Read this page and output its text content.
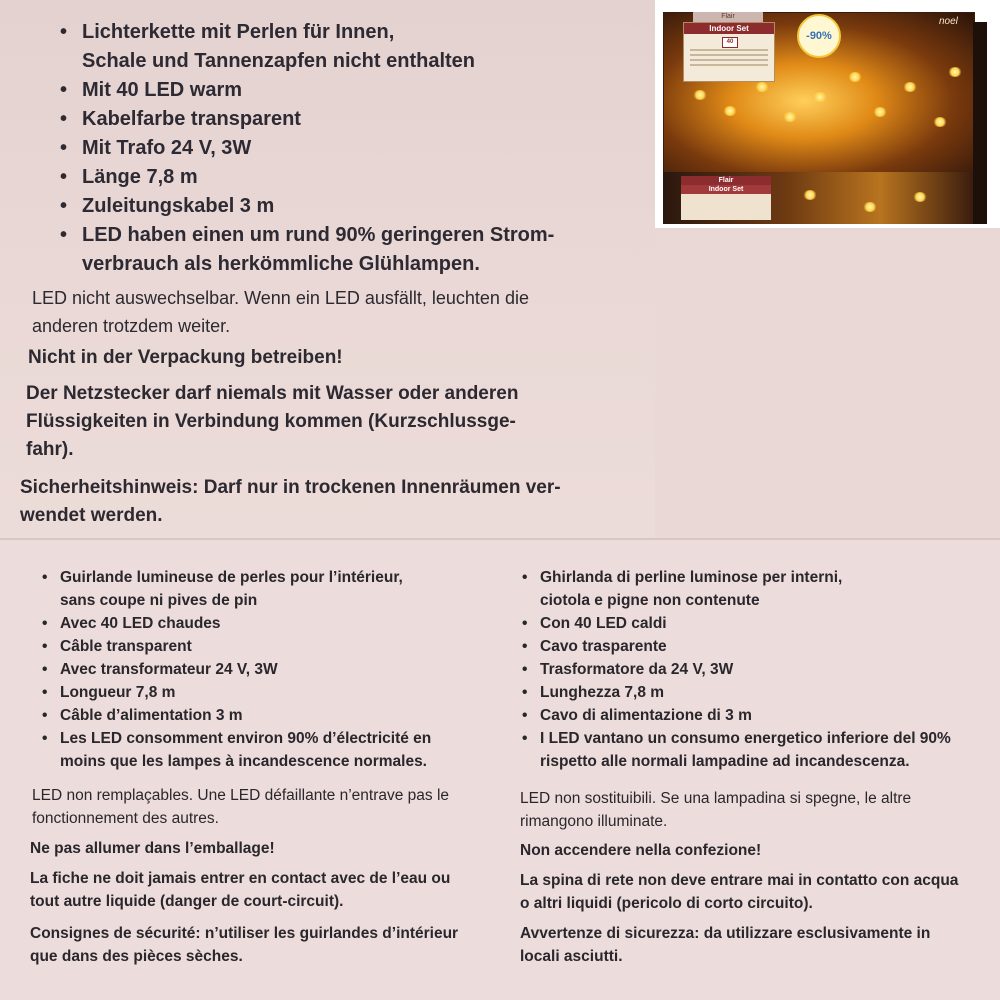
• Lichterkette mit Perlen für Innen,
Schale und Tannenzapfen nicht enthalten
• Mit 40 LED warm
• Kabelfarbe transparent
• Mit Trafo 24 V, 3W
• Länge 7,8 m
• Zuleitungskabel 3 m
• LED haben einen um rund 90% geringeren Strom-
verbrauch als herkömmliche Glühlampen.

LED nicht auswechselbar. Wenn ein LED ausfällt, leuchten die
anderen trotzdem weiter.

Nicht in der Verpackung betreiben!

Der Netzstecker darf niemals mit Wasser oder anderen
Flüssigkeiten in Verbindung kommen (Kurzschlussge-
fahr).

Sicherheitshinweis: Darf nur in trockenen Innenräumen ver-
wendet werden.

Flair
Indoor Set
40	-90%
noel
Flair
Indoor Set
• Guirlande lumineuse de perles pour l’intérieur,
sans coupe ni pives de pin
• Avec 40 LED chaudes
• Câble transparent
• Avec transformateur 24 V, 3W
• Longueur 7,8 m
• Câble d’alimentation 3 m
• Les LED consomment environ 90% d’électricité en
moins que les lampes à incandescence normales.

LED non remplaçables. Une LED défaillante n’entrave pas le
fonctionnement des autres.

Ne pas allumer dans l’emballage!

La fiche ne doit jamais entrer en contact avec de l’eau ou
tout autre liquide (danger de court-circuit).

Consignes de sécurité: n’utiliser les guirlandes d’intérieur
que dans des pièces sèches.

• Ghirlanda di perline luminose per interni,
ciotola e pigne non contenute
• Con 40 LED caldi
• Cavo trasparente
• Trasformatore da 24 V, 3W
• Lunghezza 7,8 m
• Cavo di alimentazione di 3 m
• I LED vantano un consumo energetico inferiore del 90%
rispetto alle normali lampadine ad incandescenza.

LED non sostituibili. Se una lampadina si spegne, le altre
rimangono illuminate.

Non accendere nella confezione!

La spina di rete non deve entrare mai in contatto con acqua
o altri liquidi (pericolo di corto circuito).

Avvertenze di sicurezza: da utilizzare esclusivamente in
locali asciutti.
